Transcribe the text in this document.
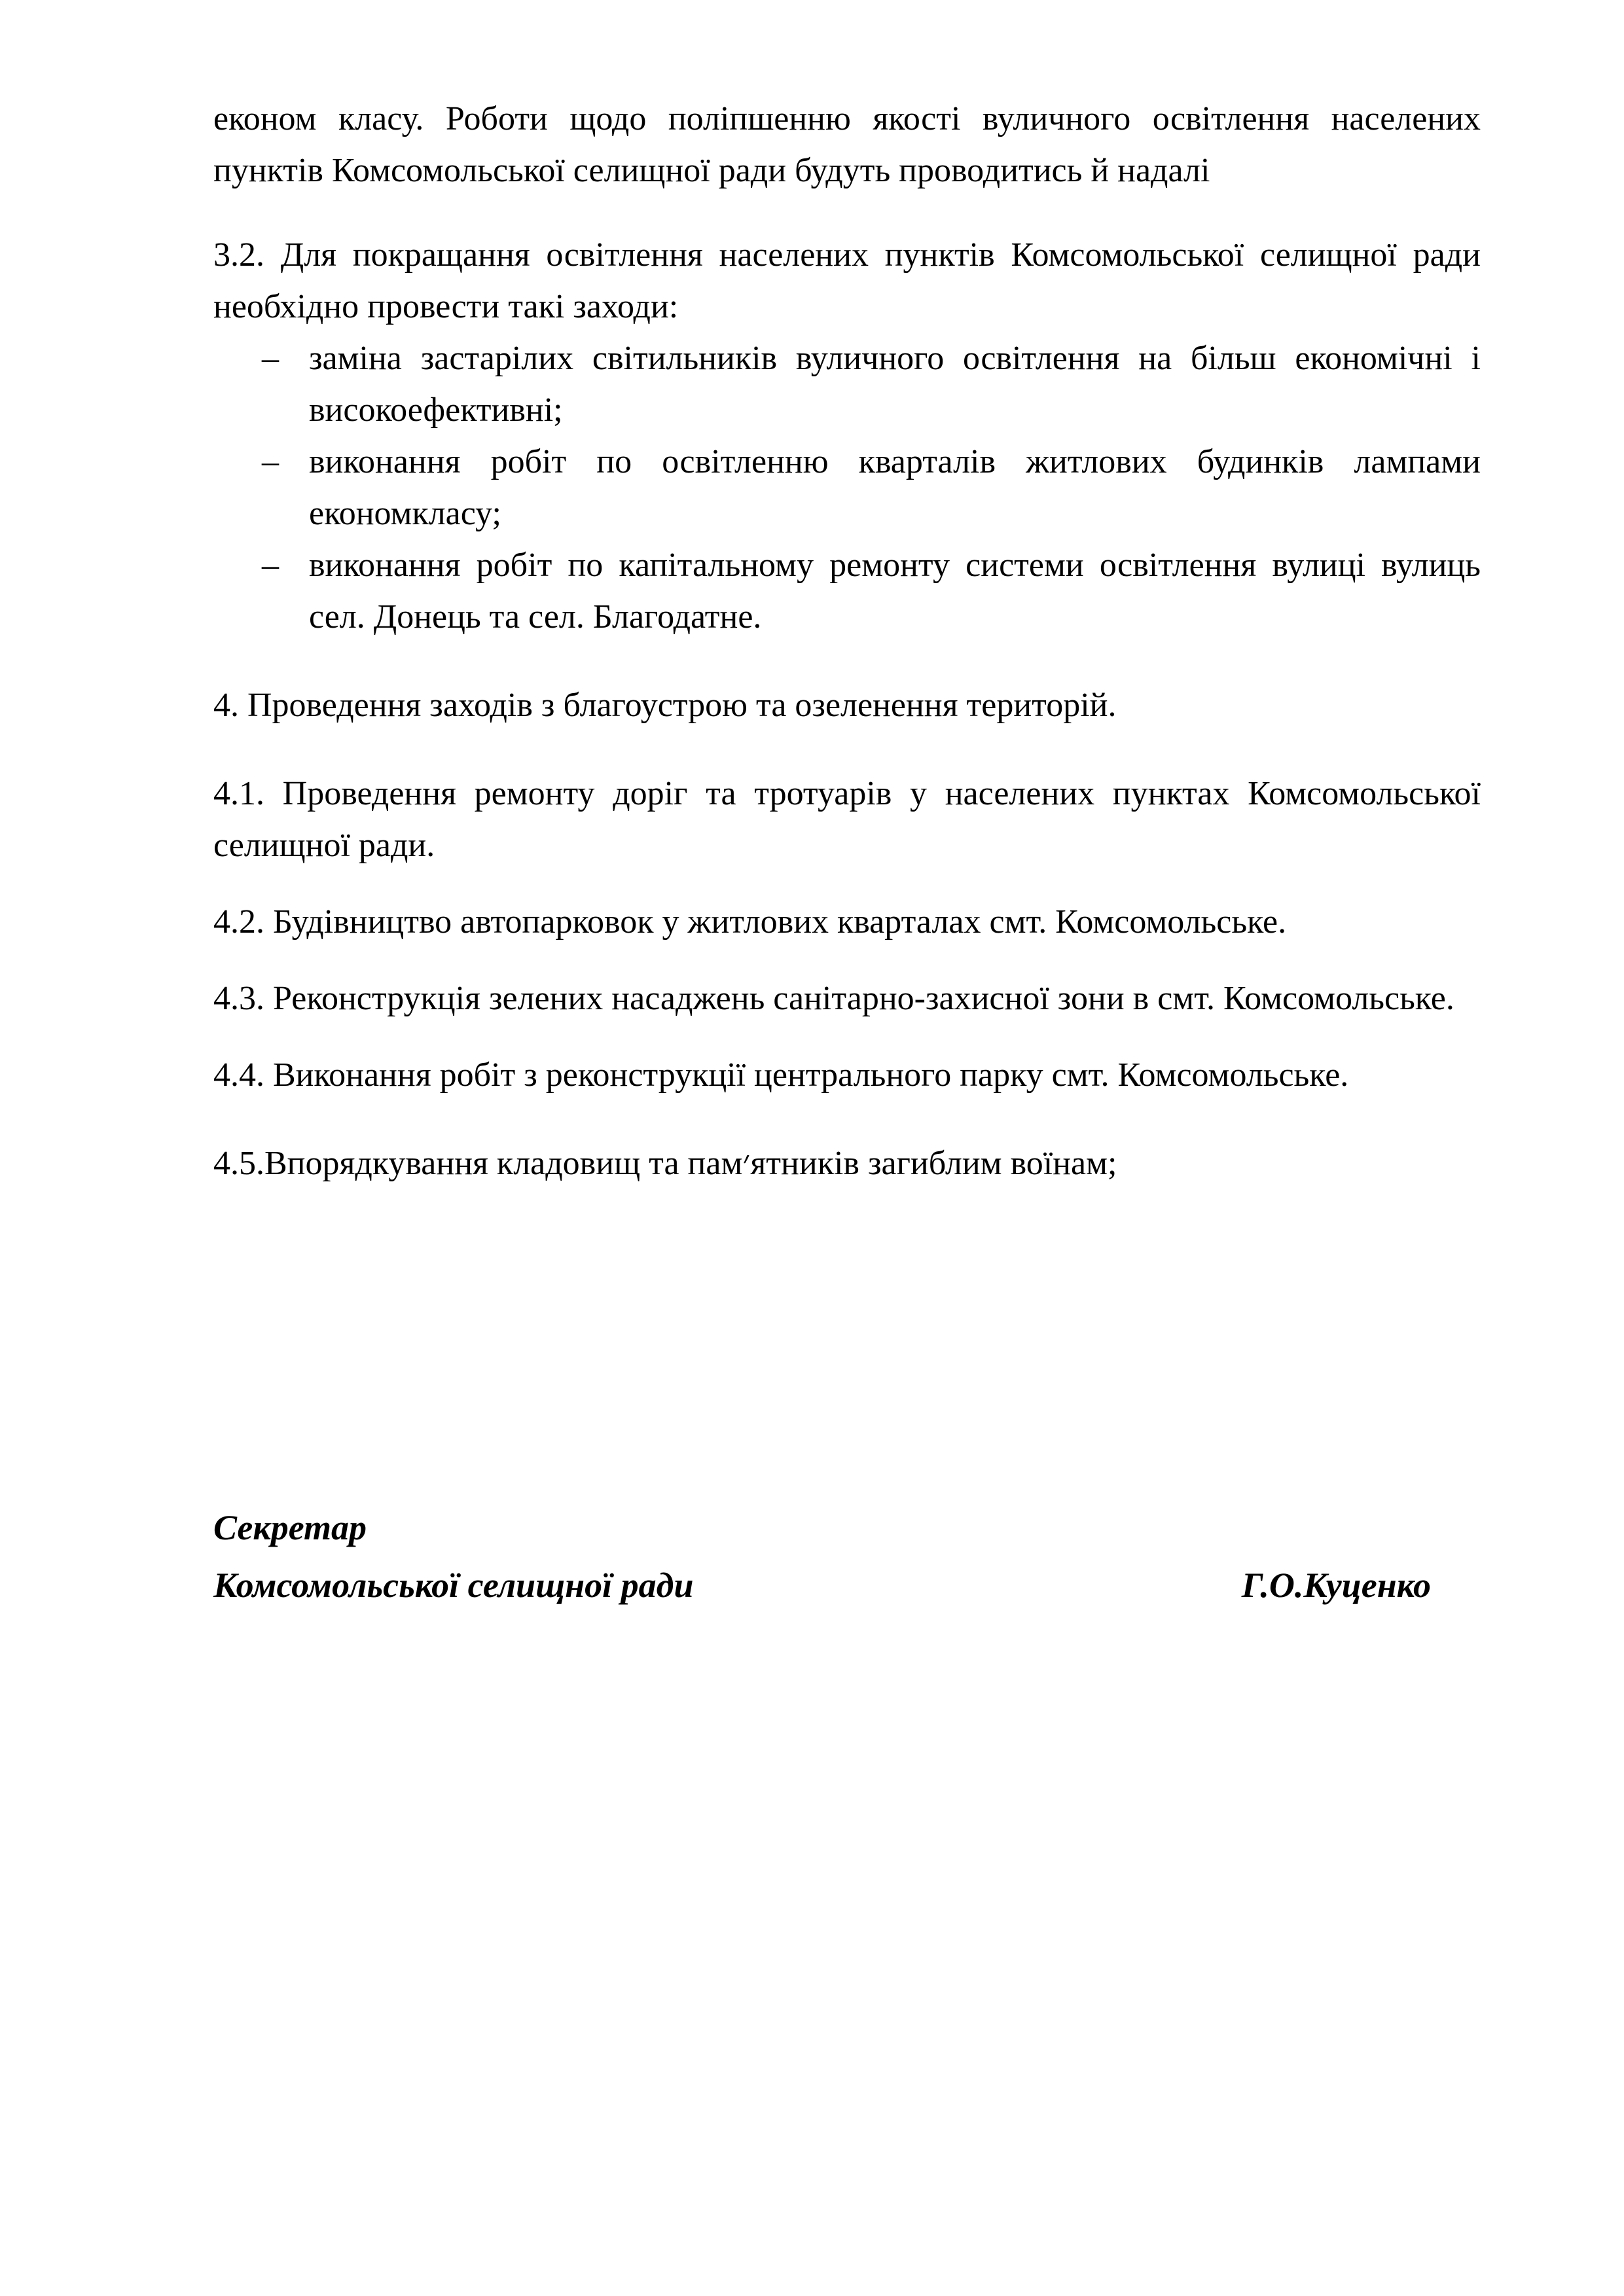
економ класу. Роботи щодо поліпшенню якості вуличного освітлення населених пунктів Комсомольської селищної ради будуть проводитись й надалі

3.2. Для покращання освітлення населених пунктів Комсомольської селищної ради необхідно провести такі заходи:

– заміна застарілих світильників вуличного освітлення на більш економічні і високоефективні;
– виконання робіт по освітленню кварталів житлових будинків лампами економкласу;
– виконання робіт по капітальному ремонту системи освітлення вулиці вулиць сел. Донець та сел. Благодатне.

4. Проведення заходів з благоустрою та озеленення територій.

4.1. Проведення ремонту доріг та тротуарів у населених пунктах Комсомольської селищної ради.

4.2. Будівництво автопарковок у житлових кварталах смт. Комсомольське.

4.3. Реконструкція зелених насаджень санітарно-захисної зони в смт. Комсомольське.

4.4. Виконання робіт з реконструкції центрального парку смт. Комсомольське.

4.5.Впорядкування кладовищ та пам׳ятників загиблим воїнам;

Секретар
Комсомольської селищної ради	Г.О.Куценко
